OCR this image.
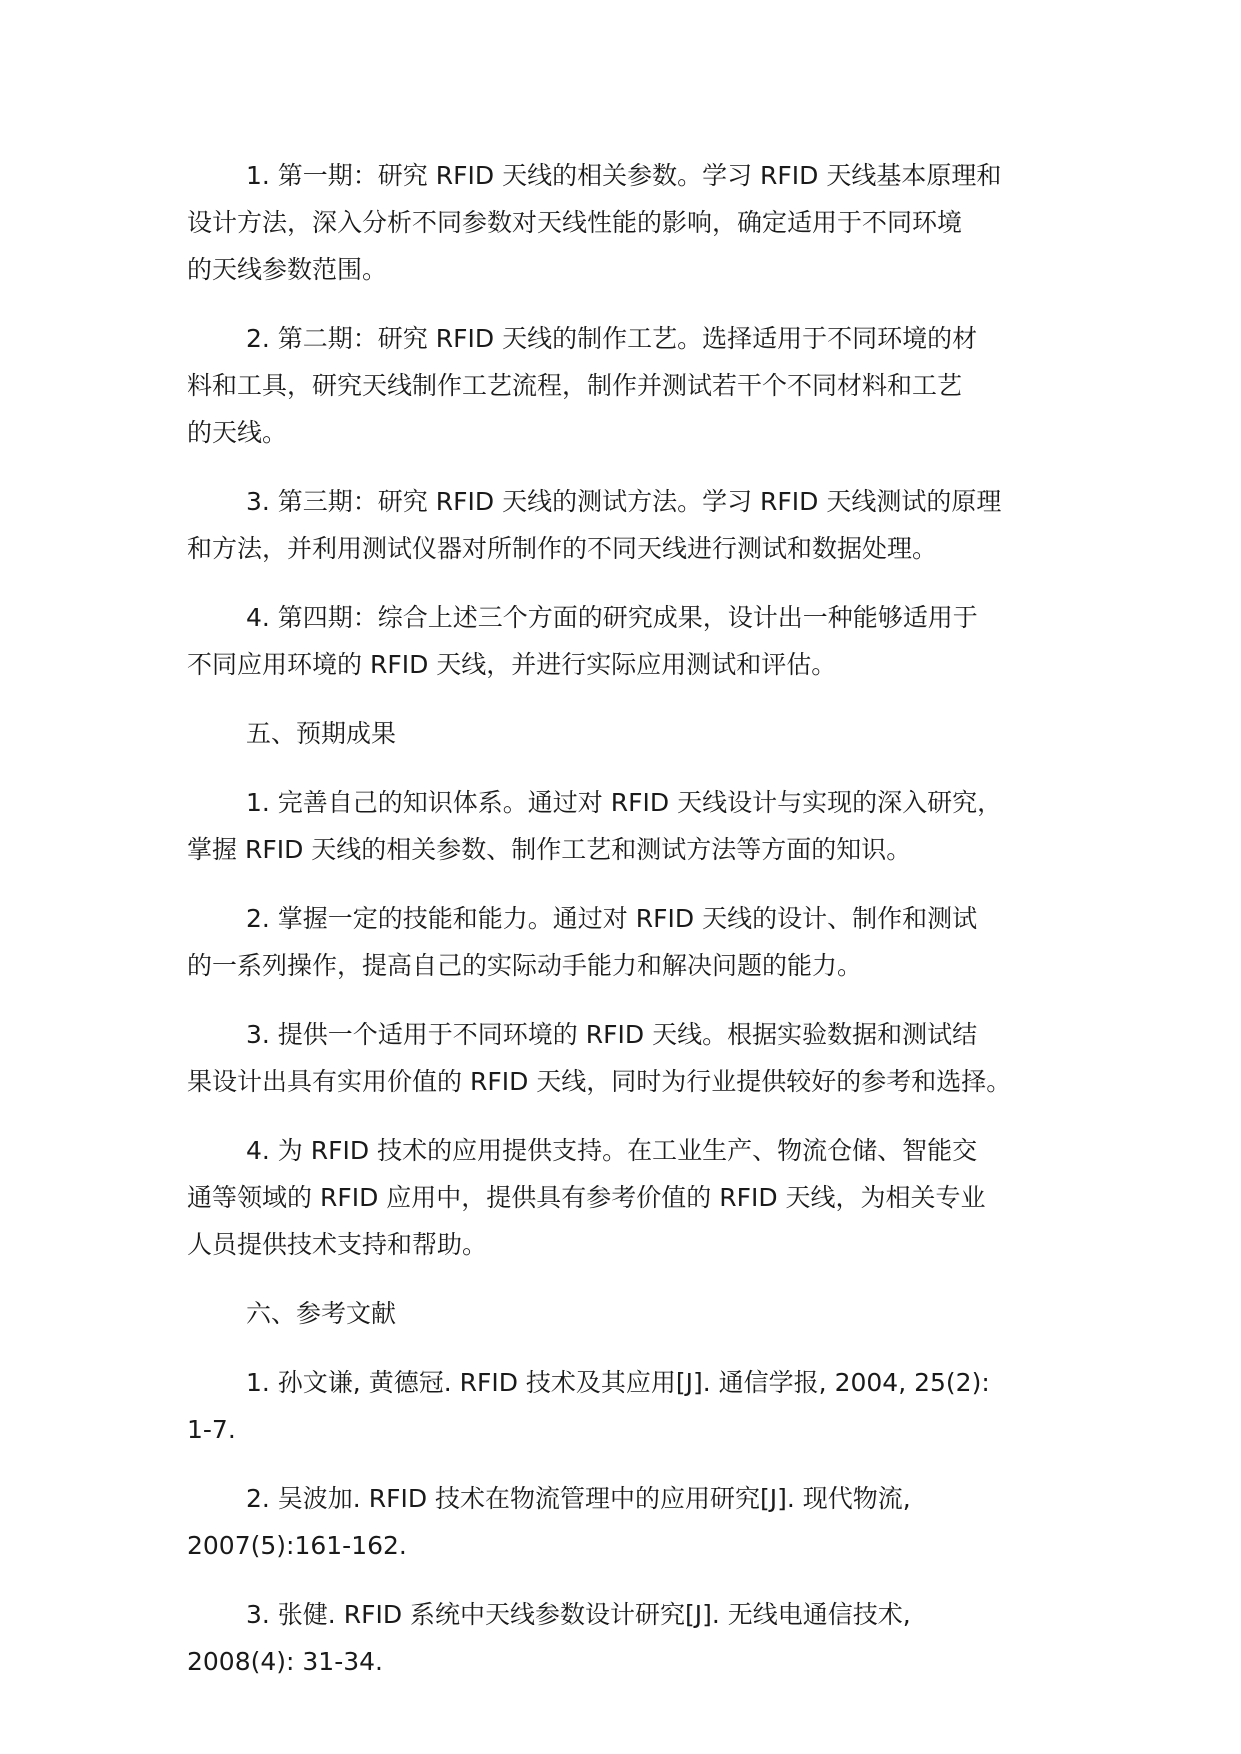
1. 第一期：研究 RFID 天线的相关参数。学习 RFID 天线基本原理和
设计方法，深入分析不同参数对天线性能的影响，确定适用于不同环境
的天线参数范围。

2. 第二期：研究 RFID 天线的制作工艺。选择适用于不同环境的材
料和工具，研究天线制作工艺流程，制作并测试若干个不同材料和工艺
的天线。

3. 第三期：研究 RFID 天线的测试方法。学习 RFID 天线测试的原理
和方法，并利用测试仪器对所制作的不同天线进行测试和数据处理。

4. 第四期：综合上述三个方面的研究成果，设计出一种能够适用于
不同应用环境的 RFID 天线，并进行实际应用测试和评估。

五、预期成果

1. 完善自己的知识体系。通过对 RFID 天线设计与实现的深入研究，
掌握 RFID 天线的相关参数、制作工艺和测试方法等方面的知识。

2. 掌握一定的技能和能力。通过对 RFID 天线的设计、制作和测试
的一系列操作，提高自己的实际动手能力和解决问题的能力。

3. 提供一个适用于不同环境的 RFID 天线。根据实验数据和测试结
果设计出具有实用价值的 RFID 天线，同时为行业提供较好的参考和选择。

4. 为 RFID 技术的应用提供支持。在工业生产、物流仓储、智能交
通等领域的 RFID 应用中，提供具有参考价值的 RFID 天线，为相关专业
人员提供技术支持和帮助。

六、参考文献

1. 孙文谦, 黄德冠. RFID 技术及其应用[J]. 通信学报, 2004, 25(2):
1-7.

2. 吴波加. RFID 技术在物流管理中的应用研究[J]. 现代物流,
2007(5):161-162.

3. 张健. RFID 系统中天线参数设计研究[J]. 无线电通信技术,
2008(4): 31-34.
